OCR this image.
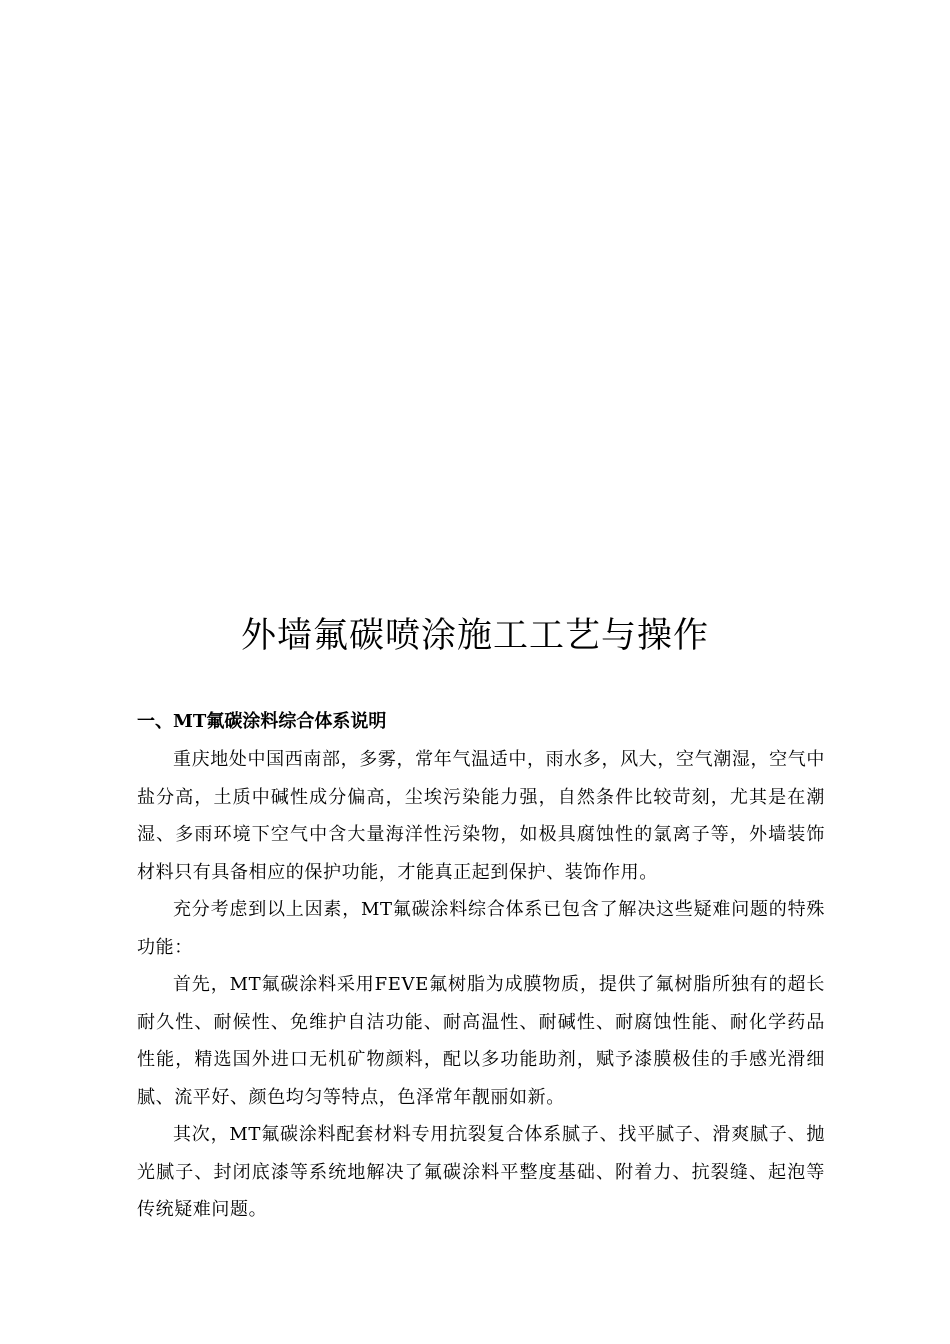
外墙氟碳喷涂施工工艺与操作
一、MT氟碳涂料综合体系说明

重庆地处中国西南部，多雾，常年气温适中，雨水多，风大，空气潮湿，空气中盐分高，土质中碱性成分偏高，尘埃污染能力强，自然条件比较苛刻，尤其是在潮湿、多雨环境下空气中含大量海洋性污染物，如极具腐蚀性的氯离子等，外墙装饰材料只有具备相应的保护功能，才能真正起到保护、装饰作用。

充分考虑到以上因素，MT氟碳涂料综合体系已包含了解决这些疑难问题的特殊功能：

首先，MT氟碳涂料采用FEVE氟树脂为成膜物质，提供了氟树脂所独有的超长耐久性、耐候性、免维护自洁功能、耐高温性、耐碱性、耐腐蚀性能、耐化学药品性能，精选国外进口无机矿物颜料，配以多功能助剂，赋予漆膜极佳的手感光滑细腻、流平好、颜色均匀等特点，色泽常年靓丽如新。

其次，MT氟碳涂料配套材料专用抗裂复合体系腻子、找平腻子、滑爽腻子、抛光腻子、封闭底漆等系统地解决了氟碳涂料平整度基础、附着力、抗裂缝、起泡等传统疑难问题。
